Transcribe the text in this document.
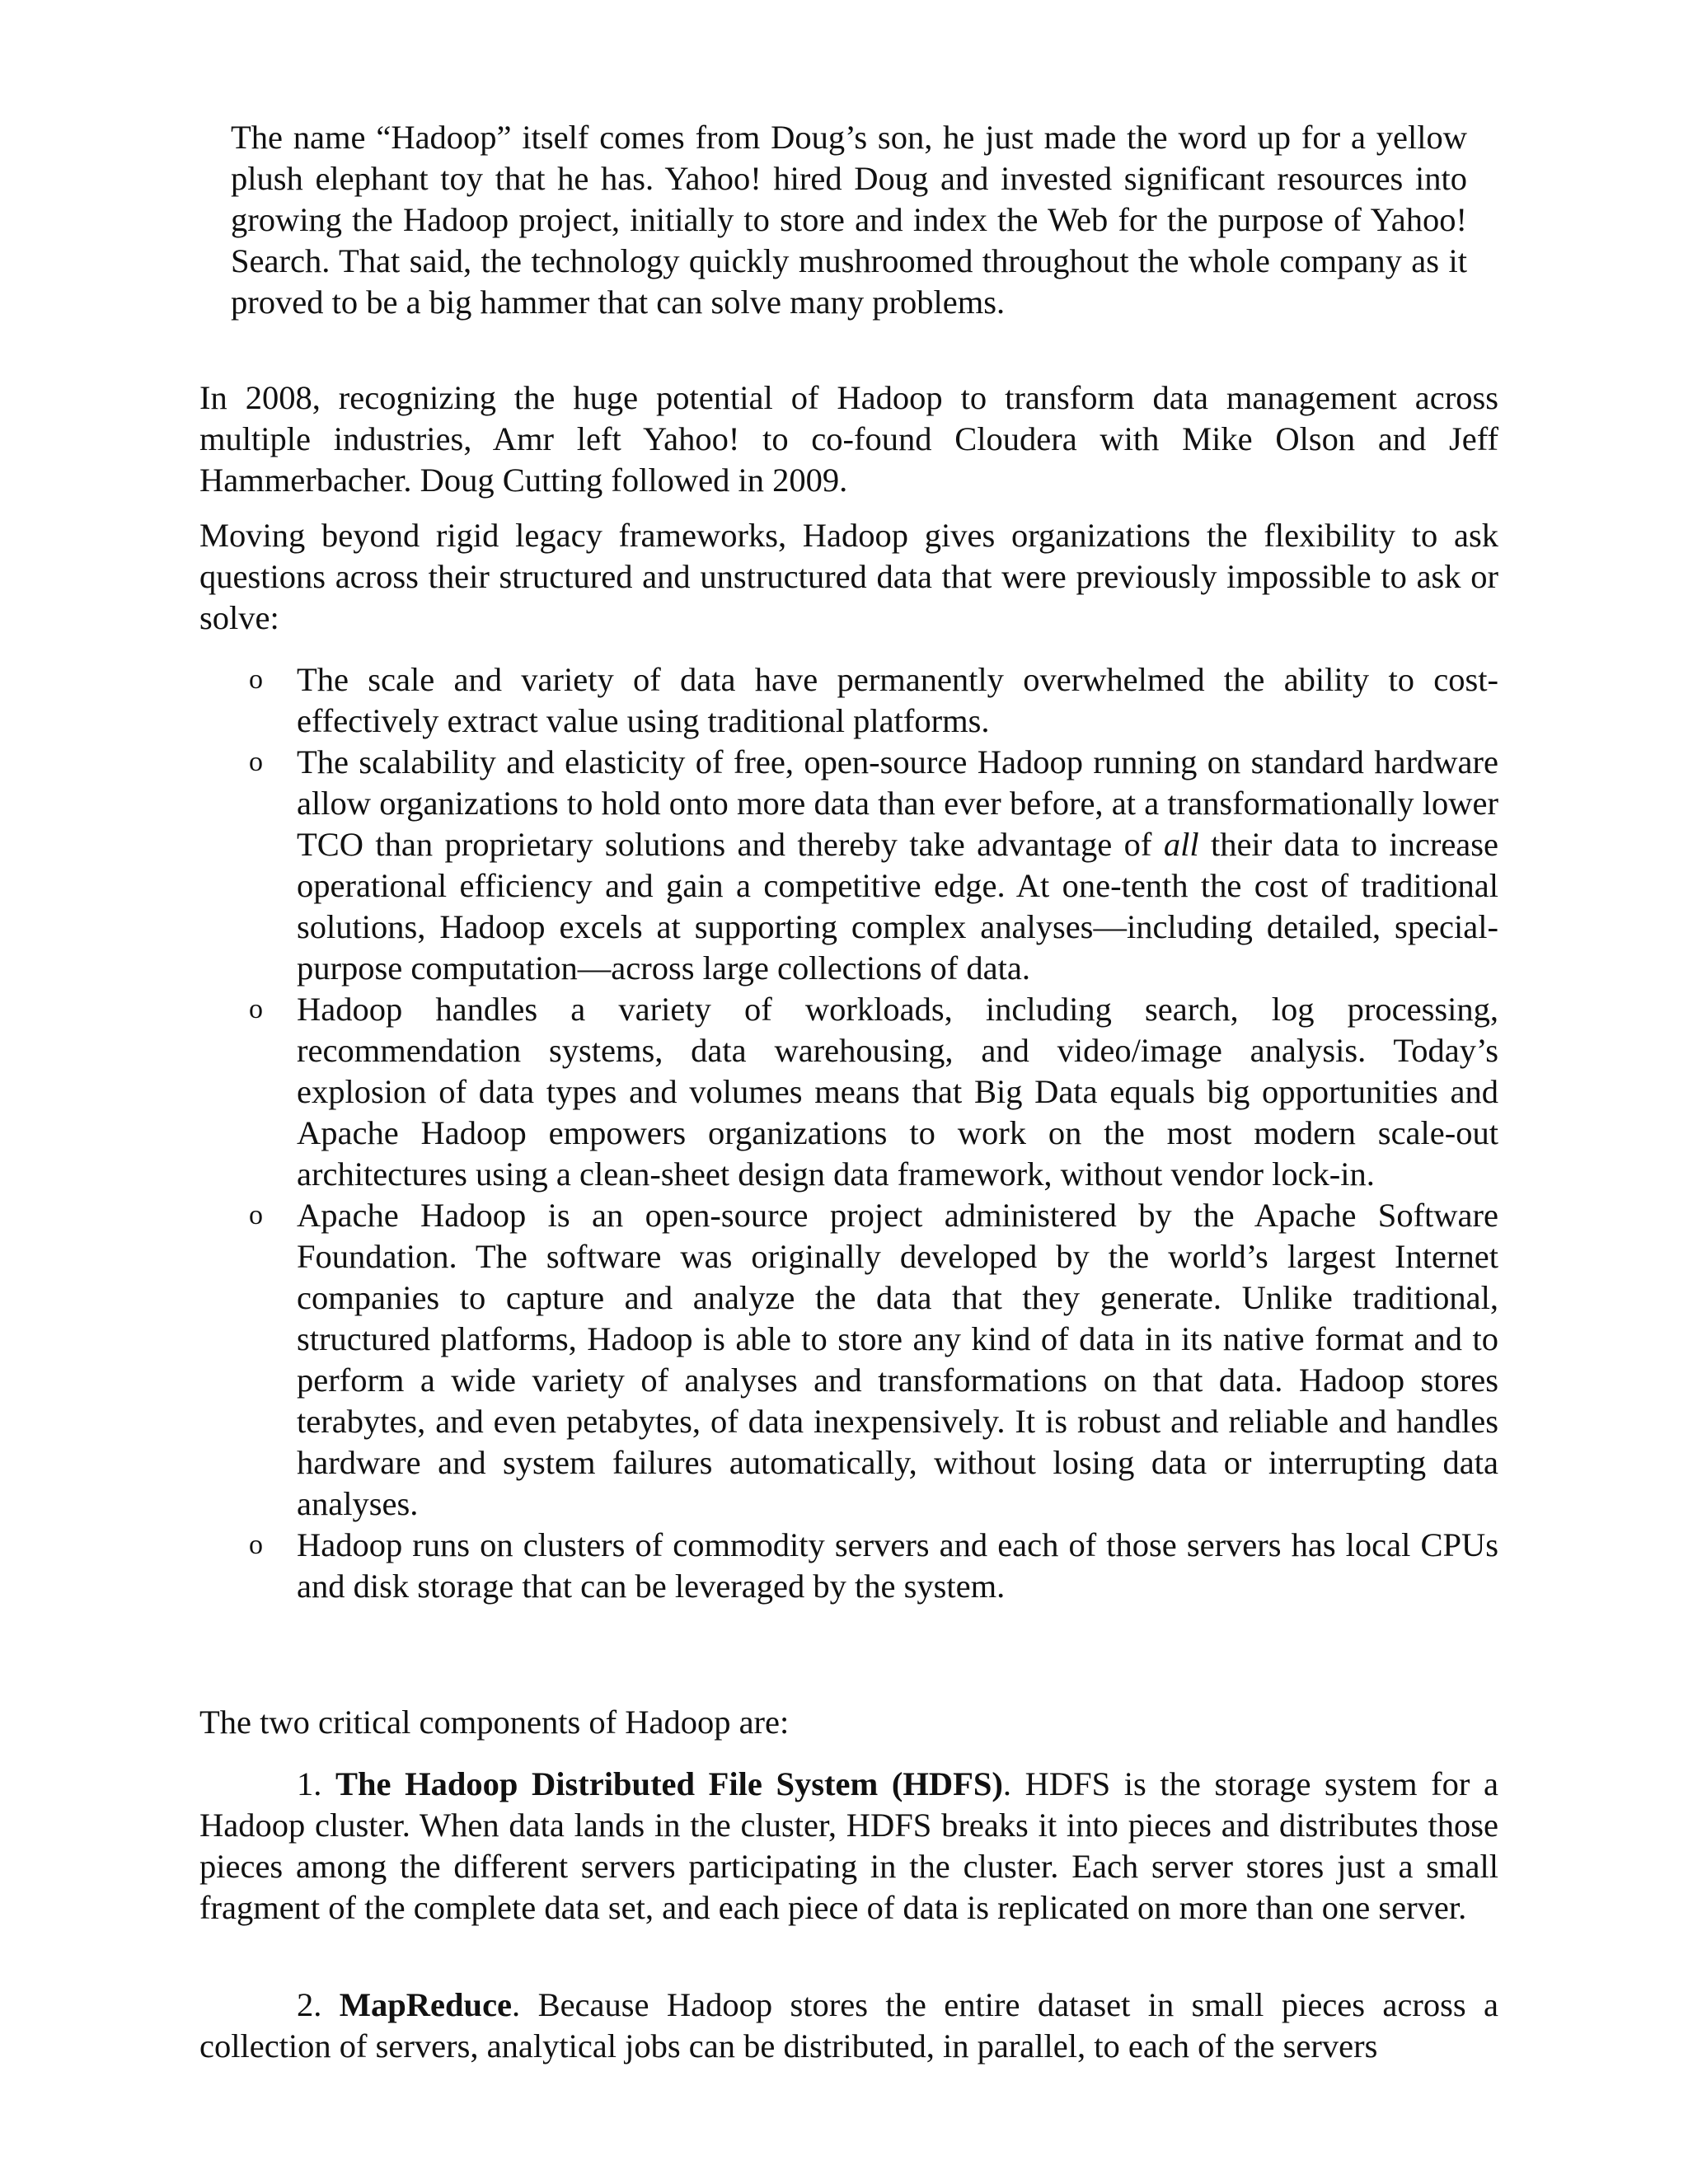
The name “Hadoop” itself comes from Doug’s son, he just made the word up for a yellow plush elephant toy that he has. Yahoo! hired Doug and invested significant resources into growing the Hadoop project, initially to store and index the Web for the purpose of Yahoo! Search. That said, the technology quickly mushroomed throughout the whole company as it proved to be a big hammer that can solve many problems.

In 2008, recognizing the huge potential of Hadoop to transform data management across multiple industries, Amr left Yahoo! to co-found Cloudera with Mike Olson and Jeff Hammerbacher. Doug Cutting followed in 2009.

Moving beyond rigid legacy frameworks, Hadoop gives organizations the flexibility to ask questions across their structured and unstructured data that were previously impossible to ask or solve:

o The scale and variety of data have permanently overwhelmed the ability to cost-effectively extract value using traditional platforms.
o The scalability and elasticity of free, open-source Hadoop running on standard hardware allow organizations to hold onto more data than ever before, at a transformationally lower TCO than proprietary solutions and thereby take advantage of all their data to increase operational efficiency and gain a competitive edge. At one-tenth the cost of traditional solutions, Hadoop excels at supporting complex analyses—including detailed, special-purpose computation—across large collections of data.
o Hadoop handles a variety of workloads, including search, log processing, recommendation systems, data warehousing, and video/image analysis. Today’s explosion of data types and volumes means that Big Data equals big opportunities and Apache Hadoop empowers organizations to work on the most modern scale-out architectures using a clean-sheet design data framework, without vendor lock-in.
o Apache Hadoop is an open-source project administered by the Apache Software Foundation. The software was originally developed by the world’s largest Internet companies to capture and analyze the data that they generate. Unlike traditional, structured platforms, Hadoop is able to store any kind of data in its native format and to perform a wide variety of analyses and transformations on that data. Hadoop stores terabytes, and even petabytes, of data inexpensively. It is robust and reliable and handles hardware and system failures automatically, without losing data or interrupting data analyses.
o Hadoop runs on clusters of commodity servers and each of those servers has local CPUs and disk storage that can be leveraged by the system.

The two critical components of Hadoop are:

1. The Hadoop Distributed File System (HDFS). HDFS is the storage system for a Hadoop cluster. When data lands in the cluster, HDFS breaks it into pieces and distributes those pieces among the different servers participating in the cluster. Each server stores just a small fragment of the complete data set, and each piece of data is replicated on more than one server.

2. MapReduce. Because Hadoop stores the entire dataset in small pieces across a collection of servers, analytical jobs can be distributed, in parallel, to each of the servers
